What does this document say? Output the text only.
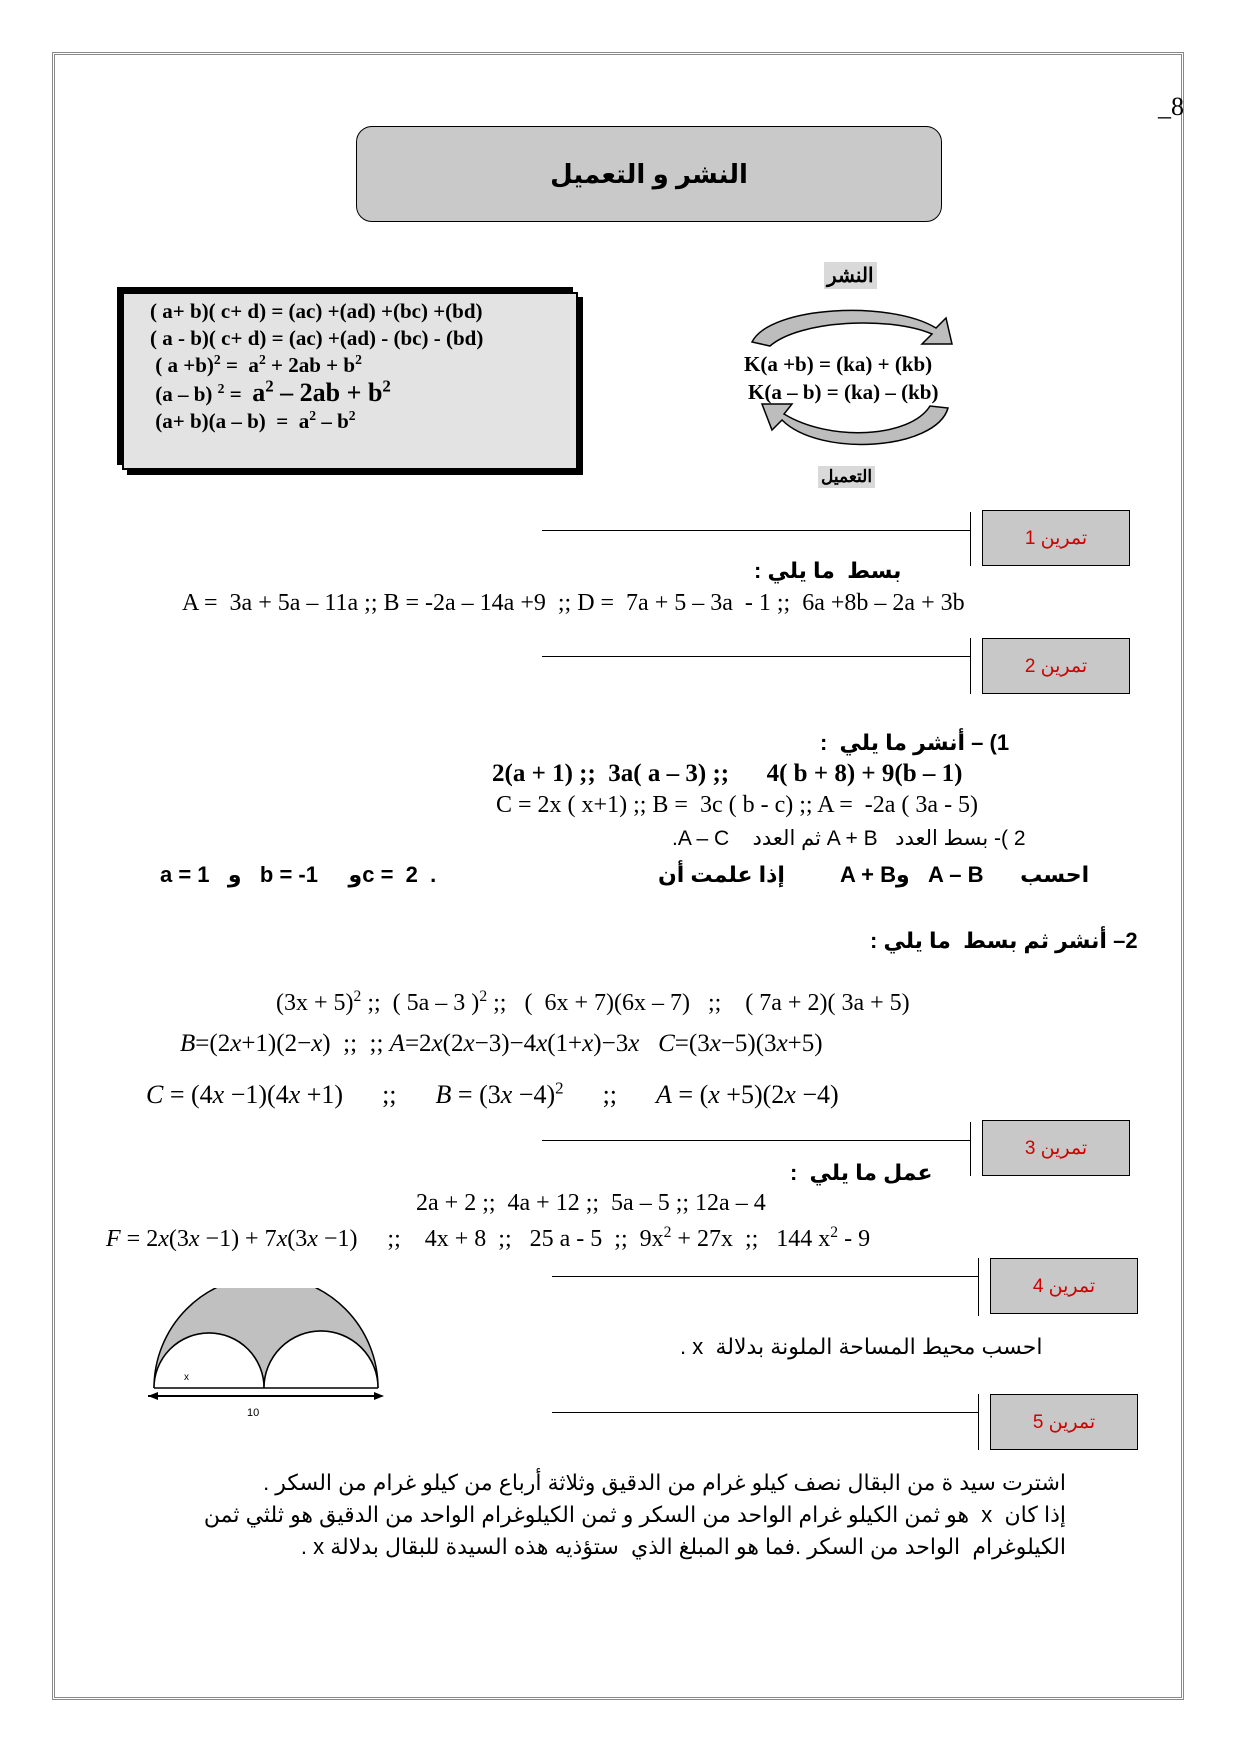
_8
النشر و التعميل
( a+ b)( c+ d) = (ac) +(ad) +(bc) +(bd)
( a - b)( c+ d) = (ac) +(ad) - (bc) - (bd)
( $a +b)^2 = a^2 + 2ab + b^2$
(a – b) $^2 = a^2 - 2ab + b^2$
$(a+ b)(a - b) = a^2 - b^2$
النشر
K(a +b) = (ka) + (kb)
K(a – b) = (ka) – (kb)
التعميل
تمرين 1
بسط  ما يلي :
A =  3a + 5a – 11a ;; B = -2a – 14a +9  ;; D =  7a + 5 – 3a  - 1 ;;  6a +8b – 2a + 3b
تمرين 2
1) – أنشر ما يلي  :
2(a + 1) ;;  3a( a – 3) ;;      4( b + 8) + 9(b – 1)
C = 2x ( x+1) ;; B =  3c ( b - c) ;; A =  -2a ( 3a - 5)
2 )- بسط العدد   A + B ثم العدد    A – C.
احسب      A – B   وA + B         إذا علمت أن
.  c =  2و     b = -1   و   a = 1
2– أنشر ثم بسط  ما يلي :
$(3x + 5)^2$ ;;  ( 5a – 3 )$^2$ ;;   (  6x + 7)(6x – 7)   ;;    ( 7a + 2)( 3a + 5)
B=(2x+1)(2−x)  ;;  ;; A=2x(2x−3)−4x(1+x)−3x C=(3x−5)(3x+5)
C = (4x −1)(4x +1)      ;;      $B = (3x -4)^2$      ;;      A = (x +5)(2x −4)
تمرين 3
عمل ما يلي  :
2a + 2 ;;  4a + 12 ;;  5a – 5 ;; 12a – 4
F = 2x(3x −1) + 7x(3x −1)     ;;    4x + 8  ;;   25 a - 5  ;;  $9x^2 + 27x$  ;;   144 $x^2 - 9$
تمرين 4
احسب محيط المساحة الملونة بدلالة  x .
x
10	تمرين 5
اشترت سيد ة من البقال نصف كيلو غرام من الدقيق وثلاثة أرباع من كيلو غرام من السكر .
إذا كان  x  هو ثمن الكيلو غرام الواحد من السكر و ثمن الكيلوغرام الواحد من الدقيق هو ثلثي ثمن
الكيلوغرام  الواحد من السكر .فما هو المبلغ الذي  ستؤذيه هذه السيدة للبقال بدلالة x .
